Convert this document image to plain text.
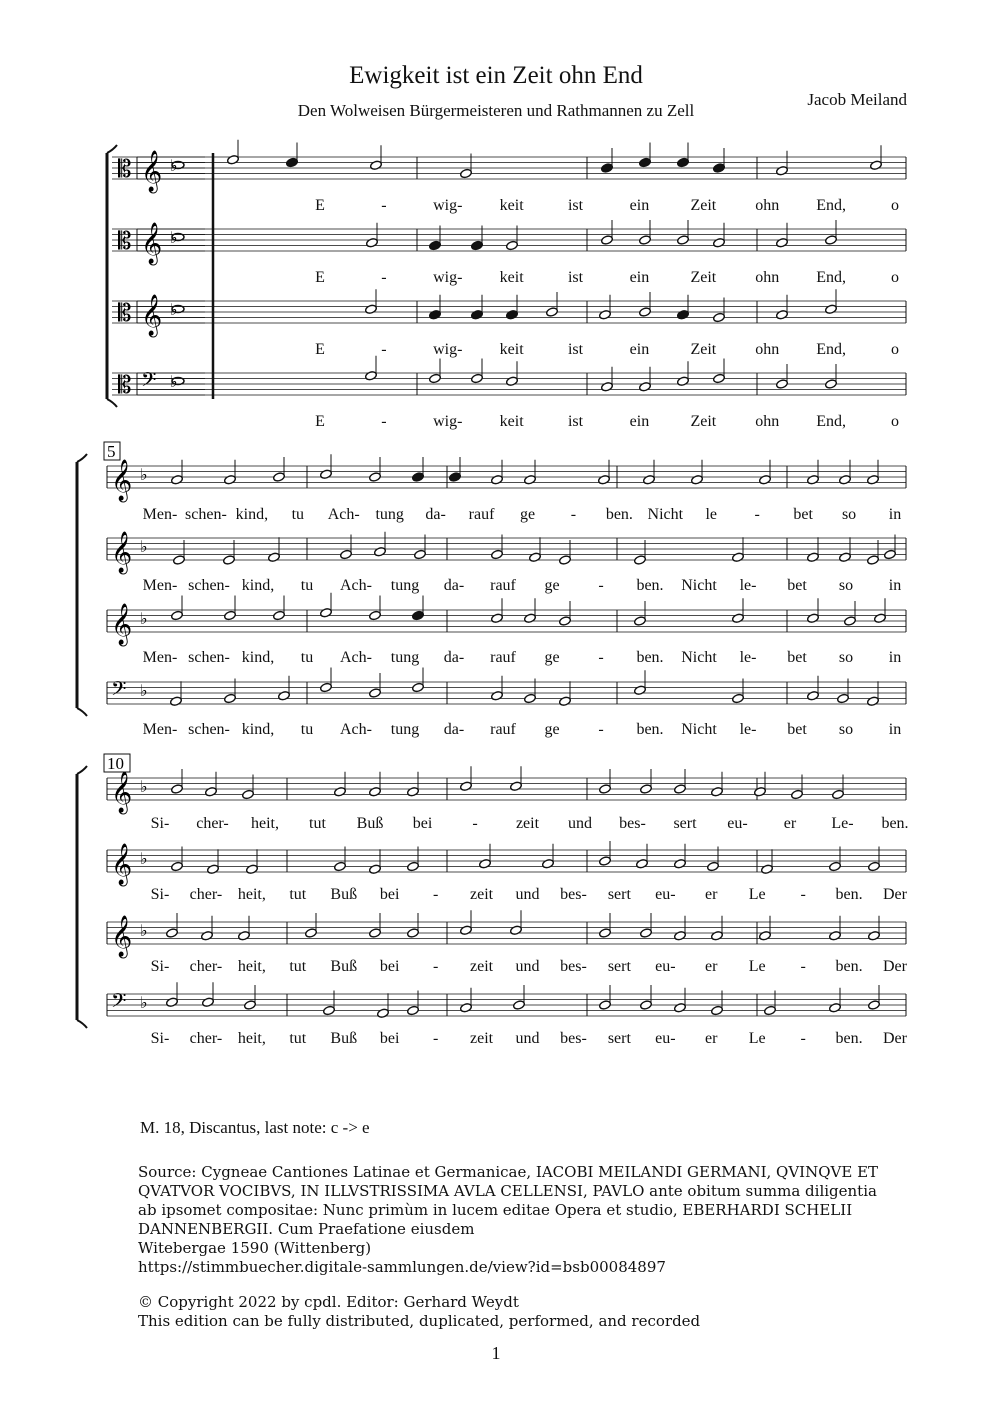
Ewigkeit ist ein Zeit ohn End
Den Wolweisen Bürgermeisteren und Rathmannen zu Zell
Jacob Meiland
𝄡
𝄡
𝄡
𝄡
𝄞 ♭
E	-	wig- keit	ist	ein	Zeit ohn End,	o
𝄞 ♭
E	-	wig- keit	ist	ein	Zeit ohn End,	o
𝄞 ♭
E	-	wig- keit	ist	ein	Zeit ohn End,	o
𝄢 ♭
E	-	wig- keit	ist	ein	Zeit ohn End,	o
𝄞 ♭
Men- schen- kind, tu Ach- tung da- rauf ge - ben. Nicht le - bet so in
𝄞 ♭
Men- schen- kind, tu Ach- tung da- rauf ge - ben. Nicht le- bet so in
𝄞 ♭
Men- schen- kind, tu Ach- tung da- rauf ge - ben. Nicht le- bet so in
𝄢 ♭
Men- schen- kind, tu Ach- tung da- rauf ge - ben. Nicht le- bet so in
5
𝄞 ♭
Si- cher- heit, tut Buß bei	- zeit und bes- sert eu- er Le- ben.
𝄞 ♭
Si- cher- heit, tut Buß bei - zeit und bes- sert eu- er Le - ben. Der
𝄞 ♭
Si- cher- heit, tut Buß bei - zeit und bes- sert eu- er Le - ben. Der
𝄢 ♭
Si- cher- heit, tut Buß bei - zeit und bes- sert eu- er Le - ben. Der
10
M. 18, Discantus, last note: c -> e
Source: Cygneae Cantiones Latinae et Germanicae, IACOBI MEILANDI GERMANI, QVINQVE ET
QVATVOR VOCIBVS, IN ILLVSTRISSIMA AVLA CELLENSI, PAVLO ante obitum summa diligentia
ab ipsomet compositae: Nunc primùm in lucem editae Opera et studio, EBERHARDI SCHELII
DANNENBERGII. Cum Praefatione eiusdem
Witebergae 1590 (Wittenberg)
https://stimmbuecher.digitale-sammlungen.de/view?id=bsb00084897
© Copyright 2022 by cpdl. Editor: Gerhard Weydt
This edition can be fully distributed, duplicated, performed, and recorded
1
